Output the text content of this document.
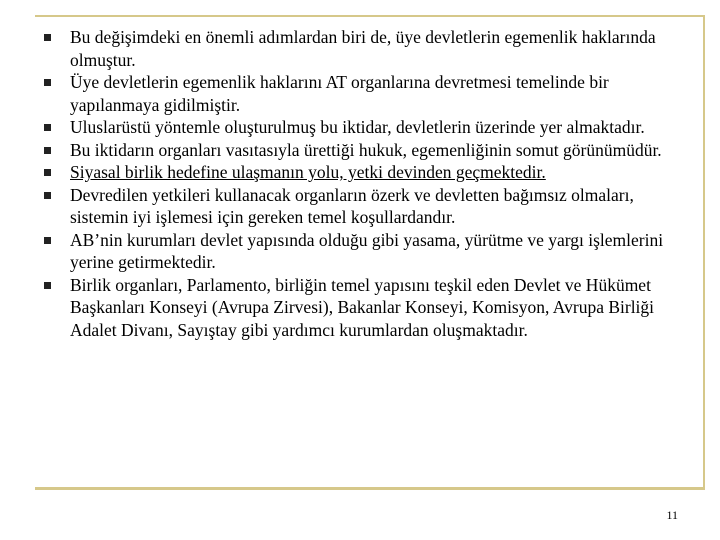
Bu değişimdeki en önemli adımlardan biri de, üye devletlerin egemenlik haklarında olmuştur.
Üye devletlerin egemenlik haklarını AT organlarına devretmesi temelinde bir yapılanmaya gidilmiştir.
Uluslarüstü yöntemle oluşturulmuş bu iktidar, devletlerin üzerinde yer almaktadır.
Bu iktidarın organları vasıtasıyla ürettiği hukuk, egemenliğinin somut görünümüdür.
Siyasal birlik hedefine ulaşmanın yolu, yetki devinden geçmektedir.
Devredilen yetkileri kullanacak organların özerk ve devletten bağımsız olmaları, sistemin iyi işlemesi için gereken temel koşullardandır.
AB’nin kurumları devlet yapısında olduğu gibi yasama, yürütme ve yargı işlemlerini yerine getirmektedir.
Birlik organları, Parlamento, birliğin temel yapısını teşkil eden Devlet ve Hükümet Başkanları Konseyi (Avrupa Zirvesi), Bakanlar Konseyi, Komisyon, Avrupa Birliği Adalet Divanı, Sayıştay gibi yardımcı kurumlardan oluşmaktadır.
11
